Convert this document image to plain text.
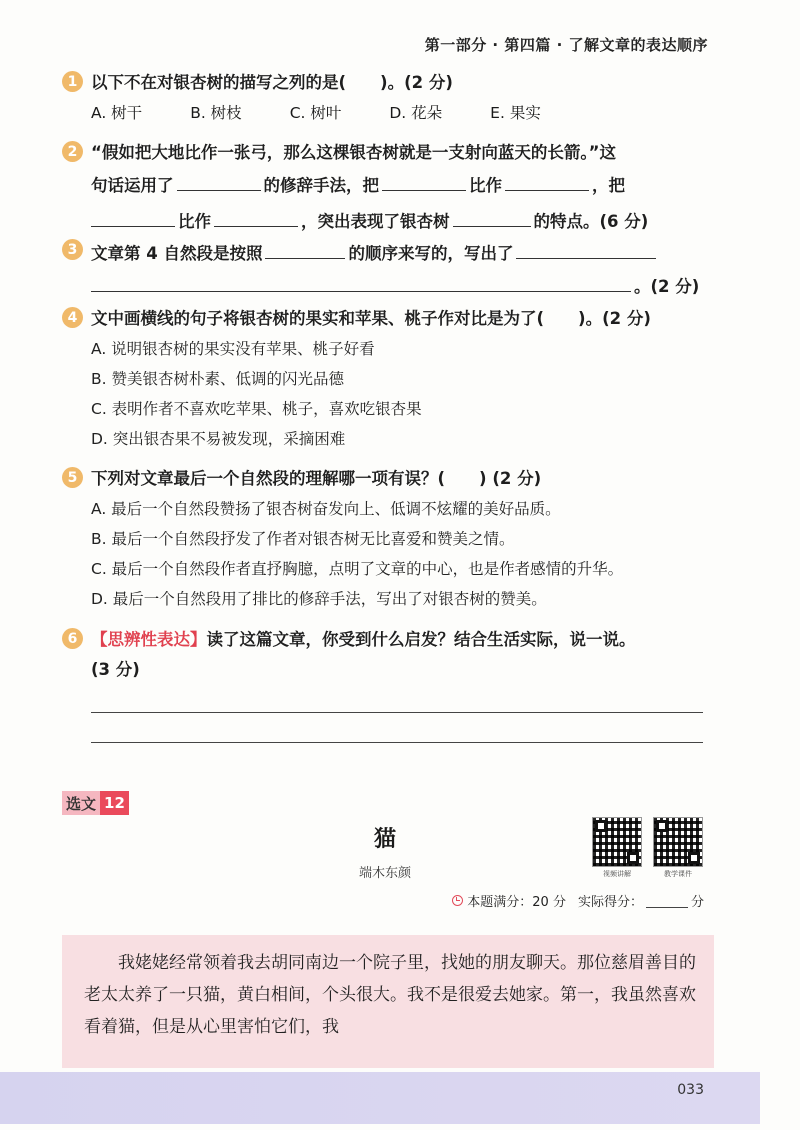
第一部分 · 第四篇 · 了解文章的表达顺序
1 以下不在对银杏树的描写之列的是( )。(2 分)
A. 树干	B. 树枝	C. 树叶	D. 花朵	E. 果实
2 “假如把大地比作一张弓，那么这棵银杏树就是一支射向蓝天的长箭。”这
句话运用了	的修辞手法，把	比作	，把
比作	，突出表现了银杏树	的特点。(6 分)
3 文章第 4 自然段是按照	的顺序来写的，写出了
。(2 分)
4 文中画横线的句子将银杏树的果实和苹果、桃子作对比是为了( )。(2 分)
A. 说明银杏树的果实没有苹果、桃子好看
B. 赞美银杏树朴素、低调的闪光品德
C. 表明作者不喜欢吃苹果、桃子，喜欢吃银杏果
D. 突出银杏果不易被发现，采摘困难
5 下列对文章最后一个自然段的理解哪一项有误？( ) (2 分)
A. 最后一个自然段赞扬了银杏树奋发向上、低调不炫耀的美好品质。
B. 最后一个自然段抒发了作者对银杏树无比喜爱和赞美之情。
C. 最后一个自然段作者直抒胸臆，点明了文章的中心，也是作者感情的升华。
D. 最后一个自然段用了排比的修辞手法，写出了对银杏树的赞美。
6 【思辨性表达】读了这篇文章，你受到什么启发？结合生活实际，说一说。
(3 分)
选文 12
猫
端木东颜	视频讲解	教学课件
本题满分：20 分 实际得分：	分

我姥姥经常领着我去胡同南边一个院子里，找她的朋友聊天。那位慈眉善目的老太太养了一只猫，黄白相间，个头很大。我不是很爱去她家。第一，我虽然喜欢看着猫，但是从心里害怕它们，我

033
